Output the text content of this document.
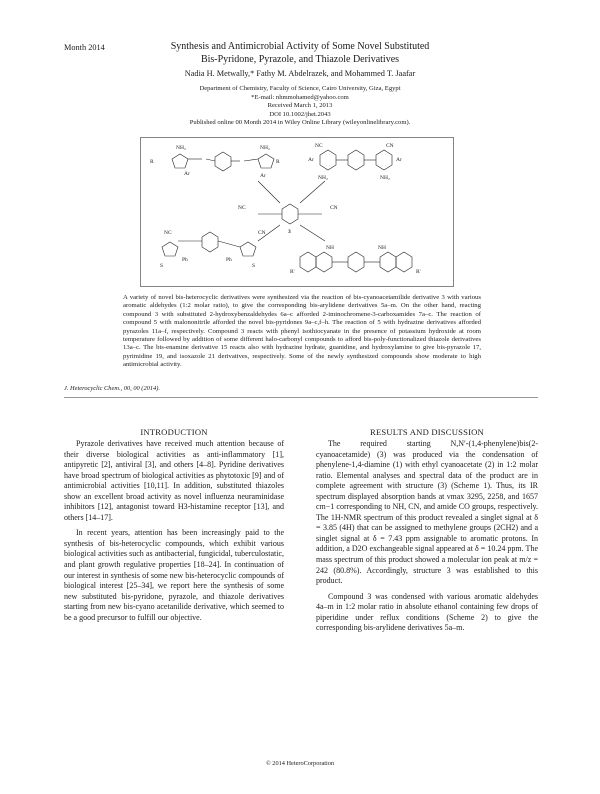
Month 2014	Synthesis and Antimicrobial Activity of Some Novel Substituted
Bis-Pyridone, Pyrazole, and Thiazole Derivatives
Nadia H. Metwally,* Fathy M. Abdelrazek, and Mohammed T. Jaafar
Department of Chemistry, Faculty of Science, Cairo University, Giza, Egypt
*E-mail: nhmmohamed@yahoo.com
Received March 1, 2013
DOI 10.1002/jhet.2043
Published online 00 Month 2014 in Wiley Online Library (wileyonlinelibrary.com).
NH₂
R
Ar
NH₂
R
Ar
NC
Ar
NH₂
CN
Ar
NH₂
NC	CN
3
NC
Ph
S
CN
Ph
S
NH
R'
NH
R'
A variety of novel bis-heterocyclic derivatives were synthesized via the reaction of bis-cyanoacetamilide derivative 3 with various aromatic aldehydes (1:2 molar ratio), to give the corresponding bis-arylidene derivatives 5a–m. On the other hand, reacting compound 3 with substituted 2-hydroxybenzaldehydes 6a–c afforded 2-iminochromene-3-carboxamides 7a–c. The reaction of compound 5 with malononitrile afforded the novel bis-pyridones 9a–c,f–h. The reaction of 5 with hydrazine derivatives afforded pyrazoles 11a–f, respectively. Compound 3 reacts with phenyl isothiocyanate in the presence of potassium hydroxide at room temperature followed by addition of some different halo-carbonyl compounds to afford bis-poly-functionalized thiazole derivatives 13a–c. The bis-enamine derivative 15 reacts also with hydrazine hydrate, guanidine, and hydroxylamine to give bis-pyrazole 17, pyrimidine 19, and isoxazole 21 derivatives, respectively. Some of the newly synthesized compounds show moderate to high antimicrobial activity.
J. Heterocyclic Chem., 00, 00 (2014).
INTRODUCTION

Pyrazole derivatives have received much attention because of their diverse biological activities as anti-inflammatory [1], antipyretic [2], antiviral [3], and others [4–8]. Pyridine derivatives have broad spectrum of biological activities as phytotoxic [9] and of antimicrobial activities [10,11]. In addition, substituted thiazoles show an excellent broad activity as novel influenza neuraminidase inhibitors [12], antagonist toward H3-histamine receptor [13], and others [14–17].

In recent years, attention has been increasingly paid to the synthesis of bis-heterocyclic compounds, which exhibit various biological activities such as antibacterial, fungicidal, tuberculostatic, and plant growth regulative properties [18–24]. In continuation of our interest in synthesis of some new bis-heterocyclic compounds of biological interest [25–34], we report here the synthesis of some new substituted bis-pyridone, pyrazole, and thiazole derivatives starting from new bis-cyano acetanilide derivative, which seemed to be a good precursor to fulfill our objective.

RESULTS AND DISCUSSION

The required starting N,N′-(1,4-phenylene)bis(2-cyanoacetamide) (3) was produced via the condensation of phenylene-1,4-diamine (1) with ethyl cyanoacetate (2) in 1:2 molar ratio. Elemental analyses and spectral data of the product are in complete agreement with structure (3) (Scheme 1). Thus, its IR spectrum displayed absorption bands at νmax 3295, 2258, and 1657 cm−1 corresponding to NH, CN, and amide CO groups, respectively. The 1H-NMR spectrum of this product revealed a singlet signal at δ = 3.85 (4H) that can be assigned to methylene groups (2CH2) and a singlet signal at δ = 7.43 ppm assignable to aromatic protons. In addition, a D2O exchangeable signal appeared at δ = 10.24 ppm. The mass spectrum of this product showed a molecular ion peak at m/z = 242 (80.8%). Accordingly, structure 3 was established to this product.

Compound 3 was condensed with various aromatic aldehydes 4a–m in 1:2 molar ratio in absolute ethanol containing few drops of piperidine under reflux conditions (Scheme 2) to give the corresponding bis-arylidene derivatives 5a–m.

© 2014 HeteroCorporation
